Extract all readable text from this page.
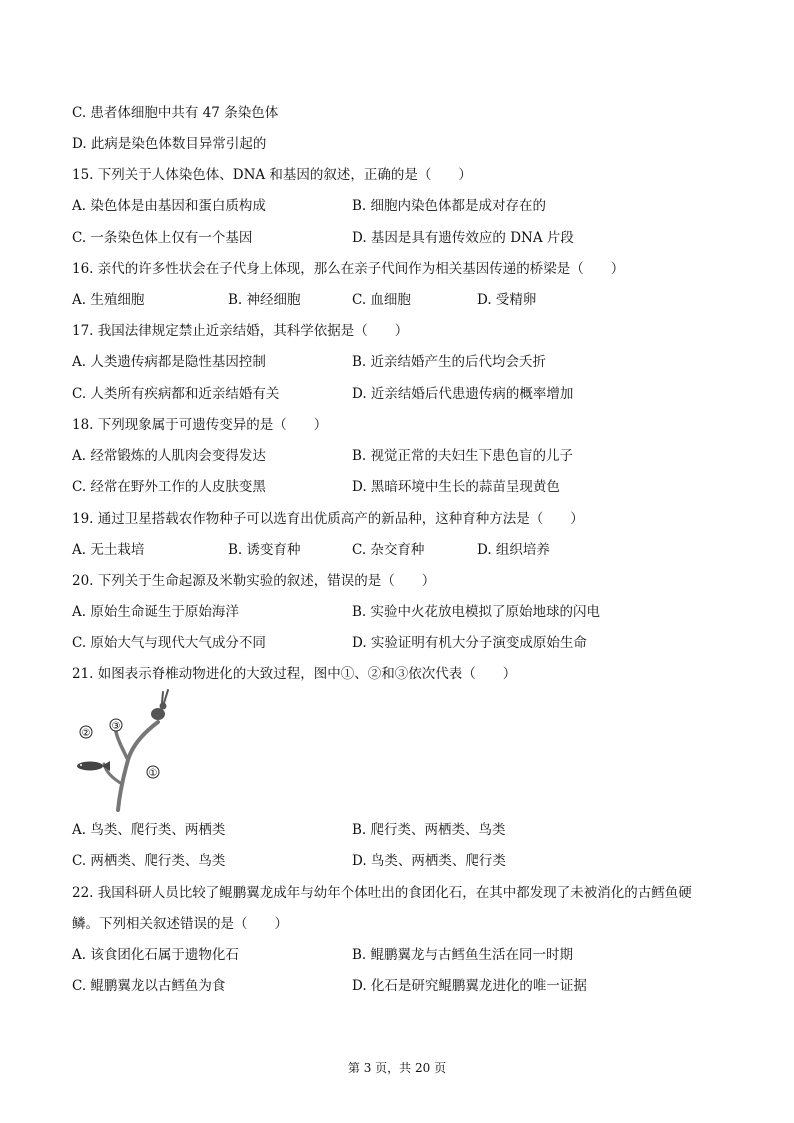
C. 患者体细胞中共有 47 条染色体
D. 此病是染色体数目异常引起的
15. 下列关于人体染色体、DNA 和基因的叙述，正确的是（　　）
A. 染色体是由基因和蛋白质构成	B. 细胞内染色体都是成对存在的
C. 一条染色体上仅有一个基因	D. 基因是具有遗传效应的 DNA 片段
16. 亲代的许多性状会在子代身上体现，那么在亲子代间作为相关基因传递的桥梁是（　　）
A. 生殖细胞	B. 神经细胞	C. 血细胞	D. 受精卵
17. 我国法律规定禁止近亲结婚，其科学依据是（　　）
A. 人类遗传病都是隐性基因控制	B. 近亲结婚产生的后代均会夭折
C. 人类所有疾病都和近亲结婚有关	D. 近亲结婚后代患遗传病的概率增加
18. 下列现象属于可遗传变异的是（　　）
A. 经常锻炼的人肌肉会变得发达	B. 视觉正常的夫妇生下患色盲的儿子
C. 经常在野外工作的人皮肤变黑	D. 黑暗环境中生长的蒜苗呈现黄色
19. 通过卫星搭载农作物种子可以选育出优质高产的新品种，这种育种方法是（　　）
A. 无土栽培	B. 诱变育种	C. 杂交育种	D. 组织培养
20. 下列关于生命起源及米勒实验的叙述，错误的是（　　）
A. 原始生命诞生于原始海洋	B. 实验中火花放电模拟了原始地球的闪电
C. 原始大气与现代大气成分不同	D. 实验证明有机大分子演变成原始生命
21. 如图表示脊椎动物进化的大致过程，图中①、②和③依次代表（　　）
②
③
①
A. 鸟类、爬行类、两栖类	B. 爬行类、两栖类、鸟类
C. 两栖类、爬行类、鸟类	D. 鸟类、两栖类、爬行类
22. 我国科研人员比较了鲲鹏翼龙成年与幼年个体吐出的食团化石，在其中都发现了未被消化的古鳕鱼硬
鳞。下列相关叙述错误的是（　　）
A. 该食团化石属于遗物化石	B. 鲲鹏翼龙与古鳕鱼生活在同一时期
C. 鲲鹏翼龙以古鳕鱼为食	D. 化石是研究鲲鹏翼龙进化的唯一证据
第 3 页，共 20 页
